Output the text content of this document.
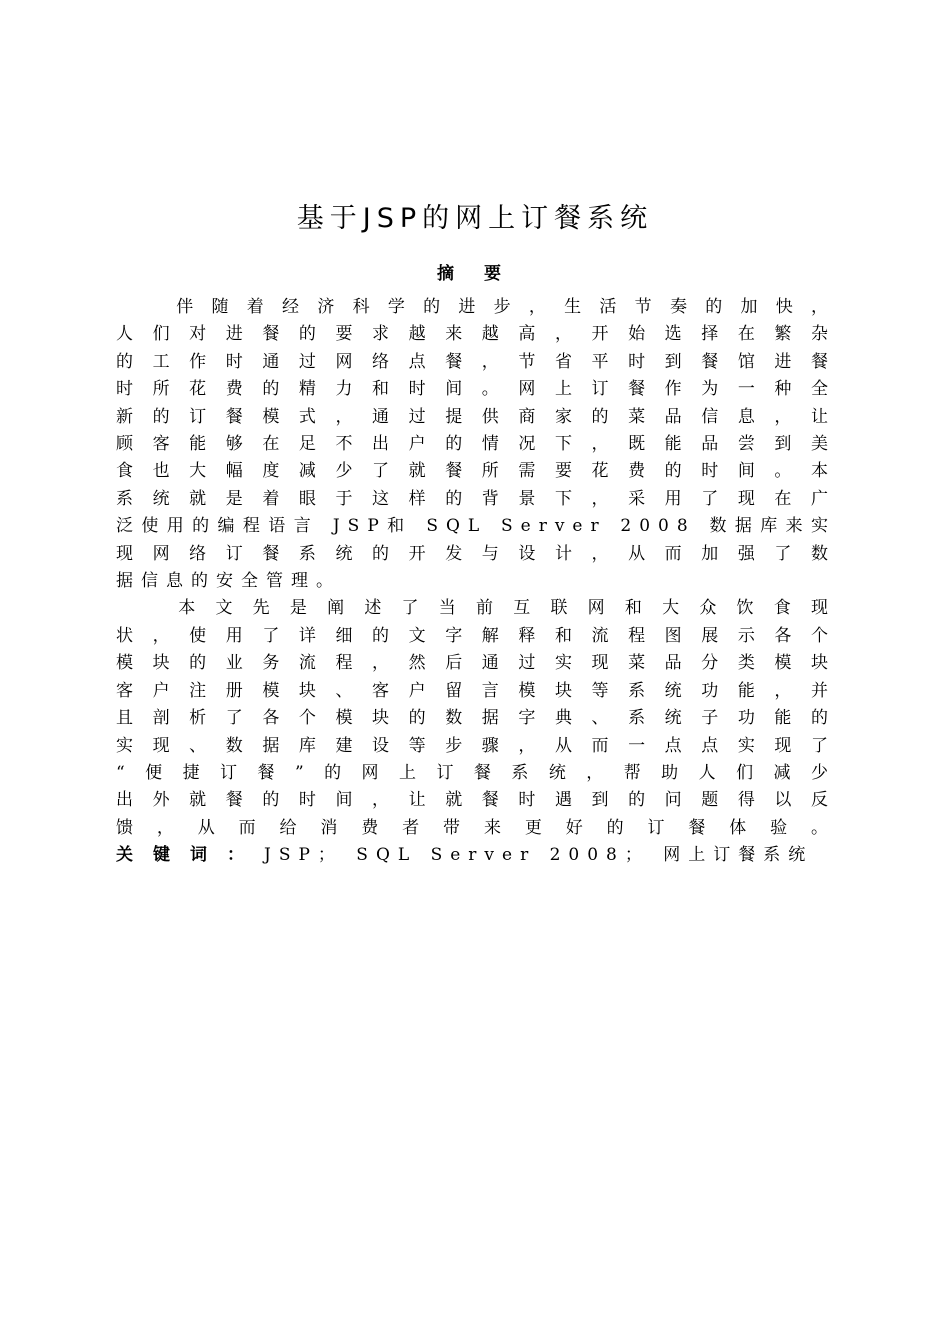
基于JSP的网上订餐系统
摘 要

伴随着经济科学的进步，生活节奏的加快，

人们对进餐的要求越来越高，开始选择在繁杂

的工作时通过网络点餐，节省平时到餐馆进餐

时所花费的精力和时间。网上订餐作为一种全

新的订餐模式，通过提供商家的菜品信息，让

顾客能够在足不出户的情况下，既能品尝到美

食也大幅度减少了就餐所需要花费的时间。本

系统就是着眼于这样的背景下，采用了现在广

泛使用的编程语言 JSP和 SQL Server 2008 数据库来实

现网络订餐系统的开发与设计，从而加强了数

据信息的安全管理。

本文先是阐述了当前互联网和大众饮食现

状，使用了详细的文字解释和流程图展示各个

模块的业务流程，然后通过实现菜品分类模块

客户注册模块、客户留言模块等系统功能，并

且剖析了各个模块的数据字典、系统子功能的

实现、数据库建设等步骤，从而一点点实现了

“便捷订餐”的网上订餐系统，帮助人们减少

出外就餐的时间，让就餐时遇到的问题得以反

馈，从而给消费者带来更好的订餐体验。

关键词：JSP； SQL Server 2008； 网上订餐系统
